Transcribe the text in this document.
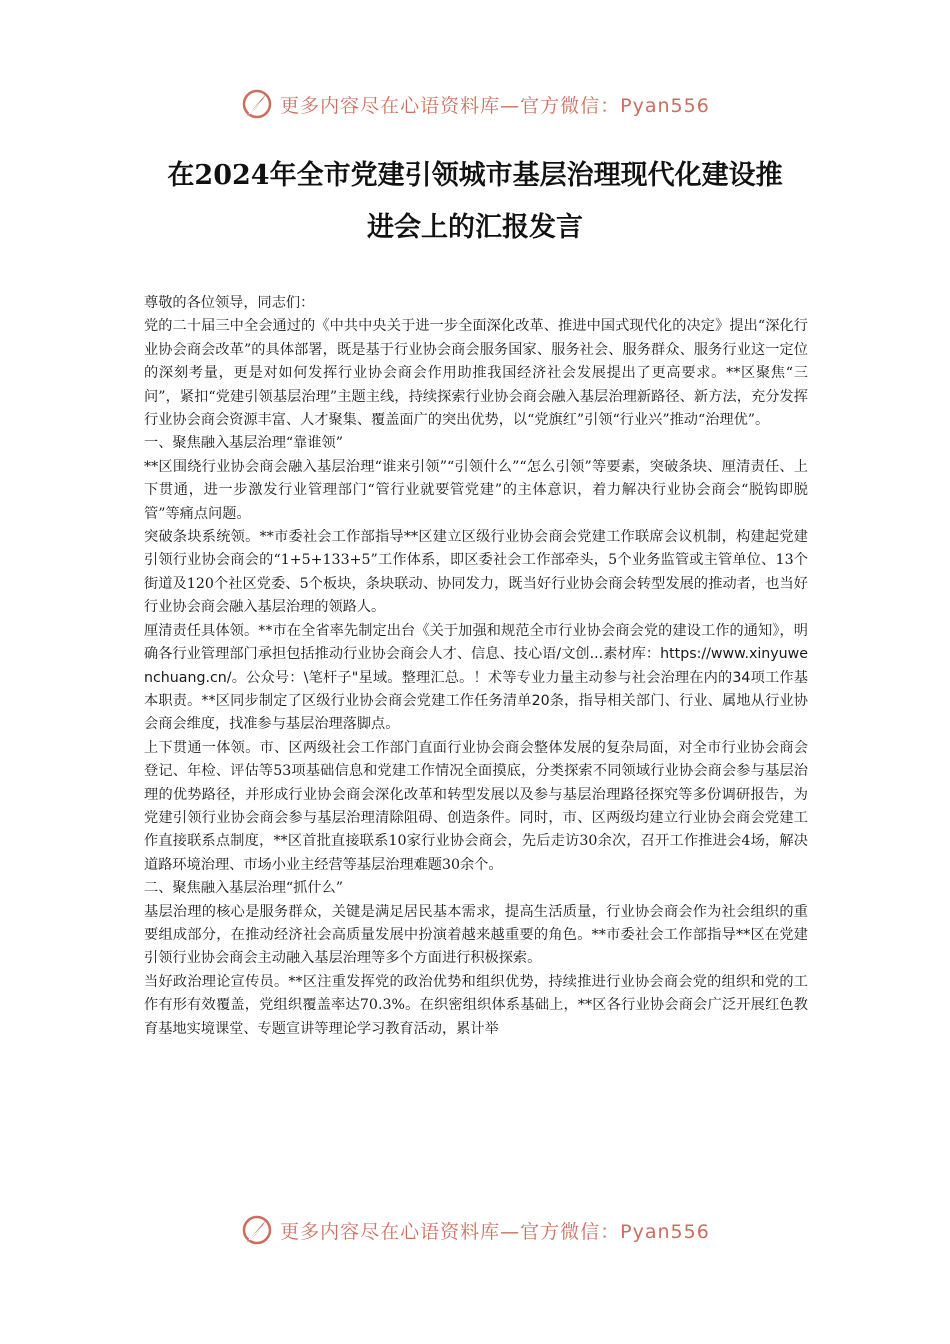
更多内容尽在心语资料库—官方微信：Pyan556
在2024年全市党建引领城市基层治理现代化建设推
进会上的汇报发言

尊敬的各位领导，同志们：

党的二十届三中全会通过的《中共中央关于进一步全面深化改革、推进中国式现代化的决定》提出“深化行业协会商会改革”的具体部署，既是基于行业协会商会服务国家、服务社会、服务群众、服务行业这一定位的深刻考量，更是对如何发挥行业协会商会作用助推我国经济社会发展提出了更高要求。**区聚焦“三问”，紧扣“党建引领基层治理”主题主线，持续探索行业协会商会融入基层治理新路径、新方法，充分发挥行业协会商会资源丰富、人才聚集、覆盖面广的突出优势，以“党旗红”引领“行业兴”推动“治理优”。

一、聚焦融入基层治理“靠谁领”

**区围绕行业协会商会融入基层治理“谁来引领”“引领什么”“怎么引领”等要素，突破条块、厘清责任、上下贯通，进一步激发行业管理部门“管行业就要管党建”的主体意识，着力解决行业协会商会“脱钩即脱管”等痛点问题。

突破条块系统领。**市委社会工作部指导**区建立区级行业协会商会党建工作联席会议机制，构建起党建引领行业协会商会的“1+5+133+5”工作体系，即区委社会工作部牵头，5个业务监管或主管单位、13个街道及120个社区党委、5个板块，条块联动、协同发力，既当好行业协会商会转型发展的推动者，也当好行业协会商会融入基层治理的领路人。

厘清责任具体领。**市在全省率先制定出台《关于加强和规范全市行业协会商会党的建设工作的通知》，明确各行业管理部门承担包括推动行业协会商会人才、信息、技心语/文创...素材库：https://www.xinyuwenchuang.cn/。公众号：\笔杆子"星域。整理汇总。！术等专业力量主动参与社会治理在内的34项工作基本职责。**区同步制定了区级行业协会商会党建工作任务清单20条，指导相关部门、行业、属地从行业协会商会维度，找准参与基层治理落脚点。

上下贯通一体领。市、区两级社会工作部门直面行业协会商会整体发展的复杂局面，对全市行业协会商会登记、年检、评估等53项基础信息和党建工作情况全面摸底，分类探索不同领域行业协会商会参与基层治理的优势路径，并形成行业协会商会深化改革和转型发展以及参与基层治理路径探究等多份调研报告，为党建引领行业协会商会参与基层治理清除阻碍、创造条件。同时，市、区两级均建立行业协会商会党建工作直接联系点制度，**区首批直接联系10家行业协会商会，先后走访30余次，召开工作推进会4场，解决道路环境治理、市场小业主经营等基层治理难题30余个。

二、聚焦融入基层治理“抓什么”

基层治理的核心是服务群众，关键是满足居民基本需求，提高生活质量，行业协会商会作为社会组织的重要组成部分，在推动经济社会高质量发展中扮演着越来越重要的角色。**市委社会工作部指导**区在党建引领行业协会商会主动融入基层治理等多个方面进行积极探索。

当好政治理论宣传员。**区注重发挥党的政治优势和组织优势，持续推进行业协会商会党的组织和党的工作有形有效覆盖，党组织覆盖率达70.3%。在织密组织体系基础上，**区各行业协会商会广泛开展红色教育基地实境课堂、专题宣讲等理论学习教育活动，累计举

更多内容尽在心语资料库—官方微信：Pyan556
